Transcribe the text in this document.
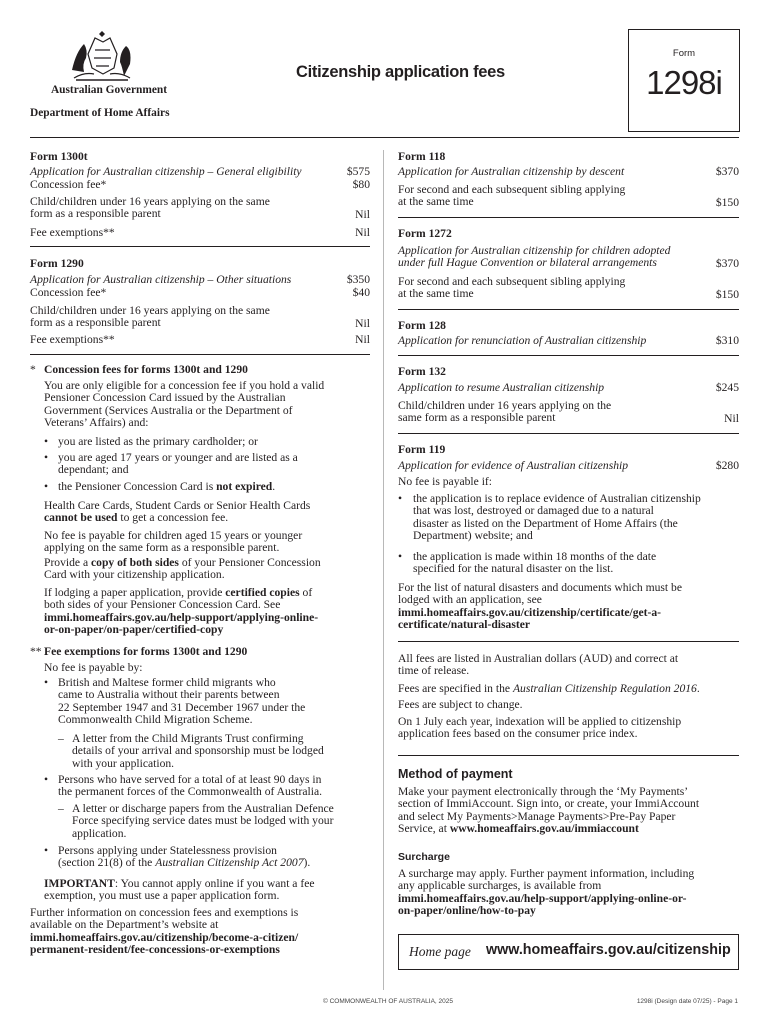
Australian Government
Department of Home Affairs
Citizenship application fees
Form
1298i
Form 1300t
Application for Australian citizenship – General eligibility	$575
Concession fee*	$80
Child/children under 16 years applying on the same
form as a responsible parent	Nil
Fee exemptions**	Nil
Form 1290
Application for Australian citizenship – Other situations	$350
Concession fee*	$40
Child/children under 16 years applying on the same
form as a responsible parent	Nil
Fee exemptions**	Nil
* Concession fees for forms 1300t and 1290
You are only eligible for a concession fee if you hold a valid
Pensioner Concession Card issued by the Australian
Government (Services Australia or the Department of
Veterans’ Affairs) and:
• you are listed as the primary cardholder; or
• you are aged 17 years or younger and are listed as a
dependant; and
• the Pensioner Concession Card is not expired.
Health Care Cards, Student Cards or Senior Health Cards
cannot be used to get a concession fee.
No fee is payable for children aged 15 years or younger
applying on the same form as a responsible parent.
Provide a copy of both sides of your Pensioner Concession
Card with your citizenship application.
If lodging a paper application, provide certified copies of
both sides of your Pensioner Concession Card. See
immi.homeaffairs.gov.au/help-support/applying-online-
or-on-paper/on-paper/certified-copy
** Fee exemptions for forms 1300t and 1290
No fee is payable by:
• British and Maltese former child migrants who
came to Australia without their parents between
22 September 1947 and 31 December 1967 under the
Commonwealth Child Migration Scheme.
– A letter from the Child Migrants Trust confirming
details of your arrival and sponsorship must be lodged
with your application.
• Persons who have served for a total of at least 90 days in
the permanent forces of the Commonwealth of Australia.
– A letter or discharge papers from the Australian Defence
Force specifying service dates must be lodged with your
application.
• Persons applying under Statelessness provision
(section 21(8) of the Australian Citizenship Act 2007).
IMPORTANT: You cannot apply online if you want a fee
exemption, you must use a paper application form.
Further information on concession fees and exemptions is
available on the Department’s website at
immi.homeaffairs.gov.au/citizenship/become-a-citizen/
permanent-resident/fee-concessions-or-exemptions
Form 118
Application for Australian citizenship by descent	$370
For second and each subsequent sibling applying
at the same time	$150
Form 1272
Application for Australian citizenship for children adopted
under full Hague Convention or bilateral arrangements	$370
For second and each subsequent sibling applying
at the same time	$150
Form 128
Application for renunciation of Australian citizenship	$310
Form 132
Application to resume Australian citizenship	$245
Child/children under 16 years applying on the
same form as a responsible parent	Nil
Form 119
Application for evidence of Australian citizenship	$280
No fee is payable if:
• the application is to replace evidence of Australian citizenship
that was lost, destroyed or damaged due to a natural
disaster as listed on the Department of Home Affairs (the
Department) website; and
• the application is made within 18 months of the date
specified for the natural disaster on the list.
For the list of natural disasters and documents which must be
lodged with an application, see
immi.homeaffairs.gov.au/citizenship/certificate/get-a-
certificate/natural-disaster
All fees are listed in Australian dollars (AUD) and correct at
time of release.
Fees are specified in the Australian Citizenship Regulation 2016.
Fees are subject to change.
On 1 July each year, indexation will be applied to citizenship
application fees based on the consumer price index.
Method of payment
Make your payment electronically through the ‘My Payments’
section of ImmiAccount. Sign into, or create, your ImmiAccount
and select My Payments>Manage Payments>Pre-Pay Paper
Service, at www.homeaffairs.gov.au/immiaccount
Surcharge
A surcharge may apply. Further payment information, including
any applicable surcharges, is available from
immi.homeaffairs.gov.au/help-support/applying-online-or-
on-paper/online/how-to-pay
Home page www.homeaffairs.gov.au/citizenship
© COMMONWEALTH OF AUSTRALIA, 2025	1298i (Design date 07/25) - Page 1
